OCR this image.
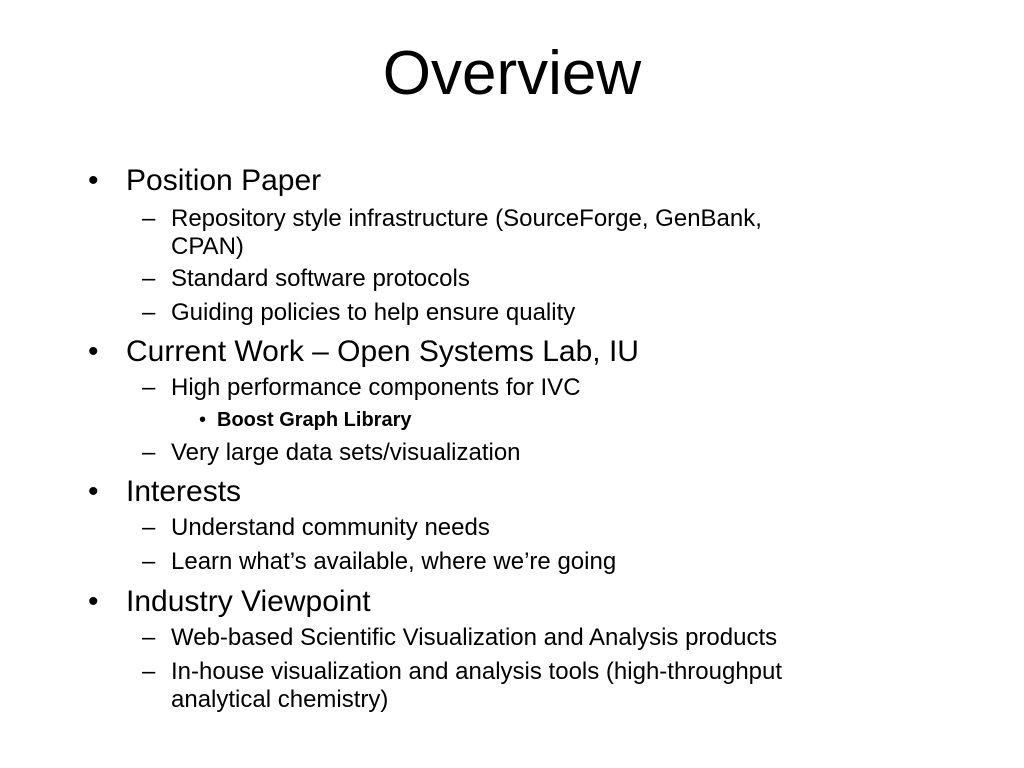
Overview
• Position Paper
– Repository style infrastructure (SourceForge, GenBank,
CPAN)
– Standard software protocols
– Guiding policies to help ensure quality
• Current Work – Open Systems Lab, IU
– High performance components for IVC
• Boost Graph Library
– Very large data sets/visualization
• Interests
– Understand community needs
– Learn what’s available, where we’re going
• Industry Viewpoint
– Web-based Scientific Visualization and Analysis products
– In-house visualization and analysis tools (high-throughput
analytical chemistry)
